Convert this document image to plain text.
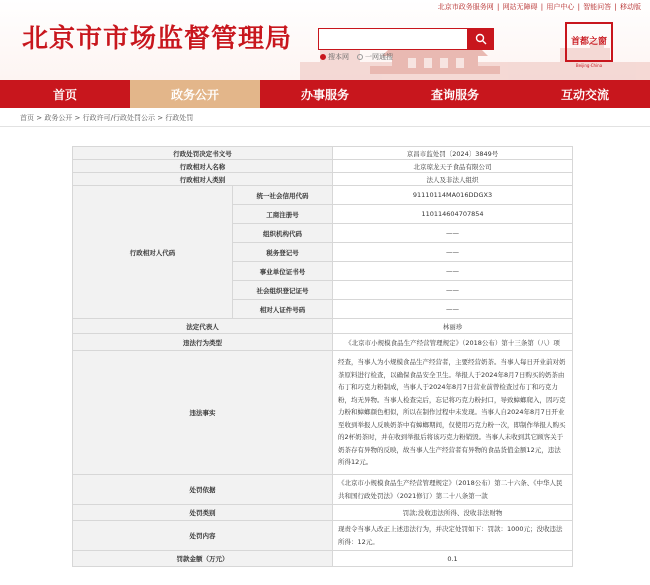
北京市政务服务网 | 网站无障碍 | 用户中心 | 智能问答 | 移动版
北京市市场监督管理局
搜本网	一网通搜
首 都 之 窗
Beijing·China
首页	政务公开	办事服务	查询服务	互动交流
首页 > 政务公开 > 行政许可/行政处罚公示 > 行政处罚
行政处罚决定书文号		京昌市监处罚〔2024〕3849号
行政相对人名称		北京琼龙天子食品有限公司
行政相对人类别		法人及非法人组织
行政相对人代码	统一社会信用代码	91110114MA016DDGX3
	工商注册号	110114604707854
	组织机构代码	——
	税务登记号	——
	事业单位证书号	——
	社会组织登记证号	——
	相对人证件号码	——
法定代表人		林丽珍
违法行为类型		《北京市小规模食品生产经营管理规定》（2018公布）第十三条第（八）项
违法事实		经查，当事人为小规模食品生产经营者，主要经营奶茶。当事人每日开业前对奶茶原料进行检查，以确保食品安全卫生。举报人于2024年8月7日购买的奶茶由布丁和巧克力粉制成，当事人于2024年8月7日营业前曾检查过布丁和巧克力粉，均无异物。当事人检查完后，忘记将巧克力粉封口，导致蟑螂爬入，因巧克力粉和蟑螂颜色相似，所以在制作过程中未发现。当事人自2024年8月7日开业至收到举报人反映奶茶中有蟑螂期间，仅使用巧克力粉一次，即制作举报人购买的2杯奶茶时，并在收到举报后将该巧克力粉销毁。当事人未收到其它顾客关于奶茶存有异物的反映，故当事人生产经营者有异物的食品货值金额12元，违法所得12元。
处罚依据		《北京市小规模食品生产经营管理规定》（2018公布）第二十六条、《中华人民共和国行政处罚法》（2021修订）第二十八条第一款
处罚类别		罚款;没收违法所得、没收非法财物
处罚内容		现责令当事人改正上述违法行为，并决定处罚如下：罚款：1000元；没收违法所得：12元。
罚款金额（万元）		0.1
